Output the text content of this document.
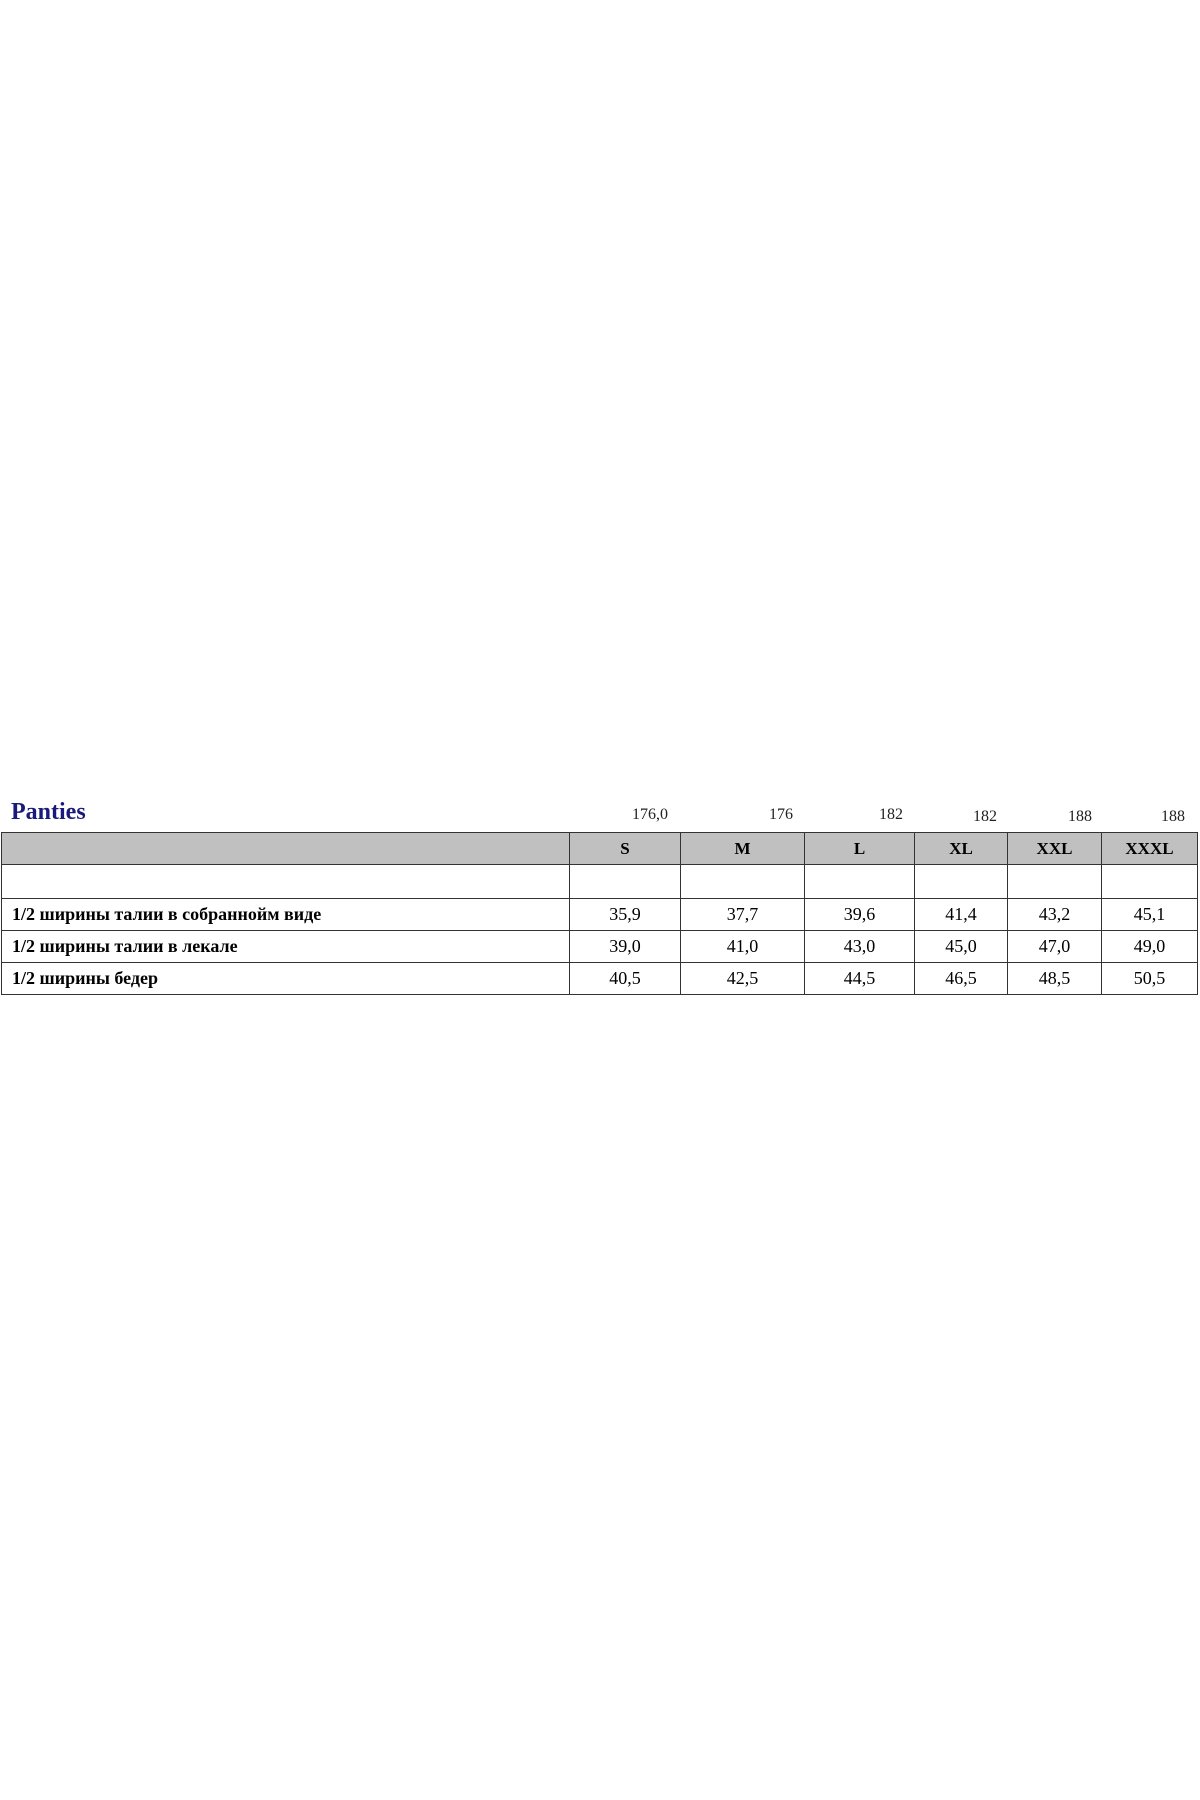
Panties	176,0	176	182	182	188	188
	S	M	L	XL	XXL	XXXL

1/2 ширины талии в собраннойм виде	35,9	37,7	39,6	41,4	43,2	45,1
1/2 ширины талии в лекале	39,0	41,0	43,0	45,0	47,0	49,0
1/2 ширины бедер	40,5	42,5	44,5	46,5	48,5	50,5
